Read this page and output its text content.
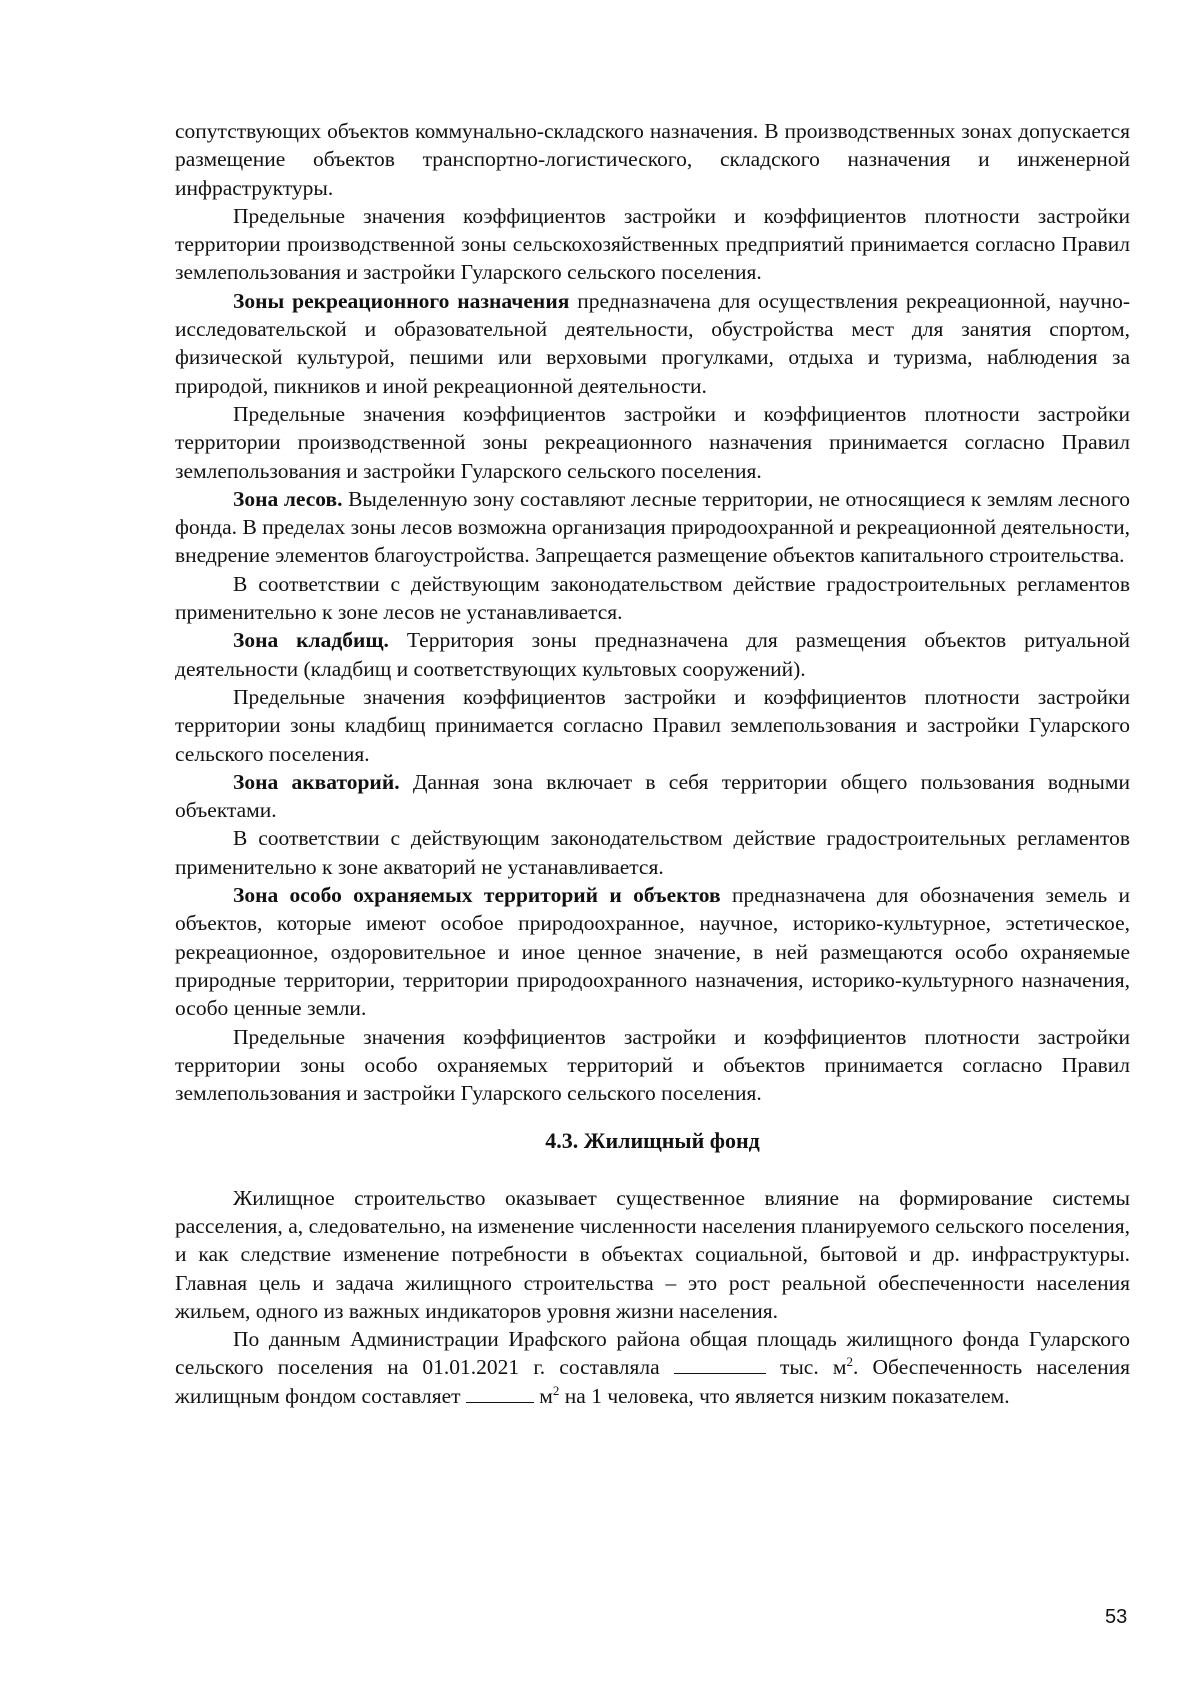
сопутствующих объектов коммунально-складского назначения. В производственных зонах допускается размещение объектов транспортно-логистического, складского назначения и инженерной инфраструктуры.

Предельные значения коэффициентов застройки и коэффициентов плотности застройки территории производственной зоны сельскохозяйственных предприятий принимается согласно Правил землепользования и застройки Гуларского сельского поселения.

Зоны рекреационного назначения предназначена для осуществления рекреационной, научно-исследовательской и образовательной деятельности, обустройства мест для занятия спортом, физической культурой, пешими или верховыми прогулками, отдыха и туризма, наблюдения за природой, пикников и иной рекреационной деятельности.

Предельные значения коэффициентов застройки и коэффициентов плотности застройки территории производственной зоны рекреационного назначения принимается согласно Правил землепользования и застройки Гуларского сельского поселения.

Зона лесов. Выделенную зону составляют лесные территории, не относящиеся к землям лесного фонда. В пределах зоны лесов возможна организация природоохранной и рекреационной деятельности, внедрение элементов благоустройства. Запрещается размещение объектов капитального строительства.

В соответствии с действующим законодательством действие градостроительных регламентов применительно к зоне лесов не устанавливается.

Зона кладбищ. Территория зоны предназначена для размещения объектов ритуальной деятельности (кладбищ и соответствующих культовых сооружений).

Предельные значения коэффициентов застройки и коэффициентов плотности застройки территории зоны кладбищ принимается согласно Правил землепользования и застройки Гуларского сельского поселения.

Зона акваторий. Данная зона включает в себя территории общего пользования водными объектами.

В соответствии с действующим законодательством действие градостроительных регламентов применительно к зоне акваторий не устанавливается.

Зона особо охраняемых территорий и объектов предназначена для обозначения земель и объектов, которые имеют особое природоохранное, научное, историко-культурное, эстетическое, рекреационное, оздоровительное и иное ценное значение, в ней размещаются особо охраняемые природные территории, территории природоохранного назначения, историко-культурного назначения, особо ценные земли.

Предельные значения коэффициентов застройки и коэффициентов плотности застройки территории зоны особо охраняемых территорий и объектов принимается согласно Правил землепользования и застройки Гуларского сельского поселения.

4.3. Жилищный фонд

Жилищное строительство оказывает существенное влияние на формирование системы расселения, а, следовательно, на изменение численности населения планируемого сельского поселения, и как следствие изменение потребности в объектах социальной, бытовой и др. инфраструктуры. Главная цель и задача жилищного строительства – это рост реальной обеспеченности населения жильем, одного из важных индикаторов уровня жизни населения.

По данным Администрации Ирафского района общая площадь жилищного фонда Гуларского сельского поселения на 01.01.2021 г. составляла	тыс. $м^2$. Обеспеченность населения жилищным фондом составляет	$м^2$ на 1 человека, что является низким показателем.

53
